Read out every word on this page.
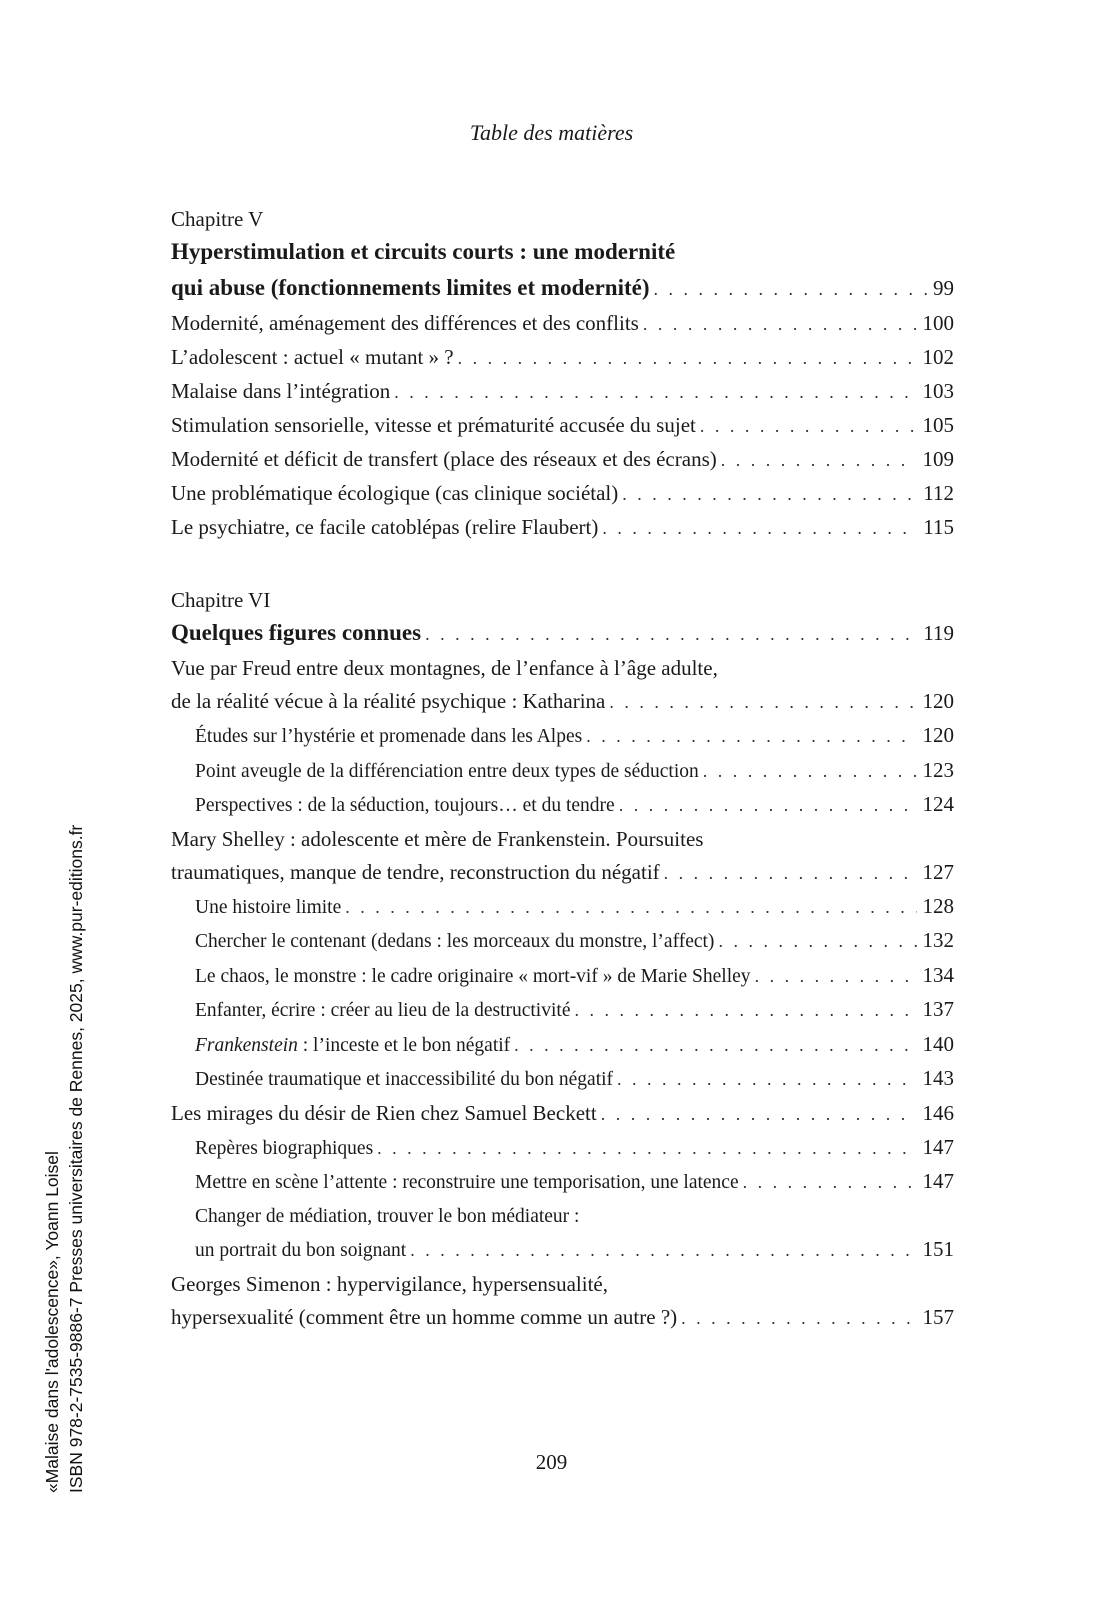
Table des matières
Chapitre V
Hyperstimulation et circuits courts : une modernité
qui abuse (fonctionnements limites et modernité) . . .	99
Modernité, aménagement des différences et des conflits . . .	100
L’adolescent : actuel « mutant » ? . . .	102
Malaise dans l’intégration . . .	103
Stimulation sensorielle, vitesse et prématurité accusée du sujet . . .	105
Modernité et déficit de transfert (place des réseaux et des écrans) . . .	109
Une problématique écologique (cas clinique sociétal) . . .	112
Le psychiatre, ce facile catoblépas (relire Flaubert) . . .	115
Chapitre VI
Quelques figures connues . . .	119
Vue par Freud entre deux montagnes, de l’enfance à l’âge adulte,
de la réalité vécue à la réalité psychique : Katharina . . .	120
Études sur l’hystérie et promenade dans les Alpes . . .	120
Point aveugle de la différenciation entre deux types de séduction . . .	123
Perspectives : de la séduction, toujours… et du tendre . . .	124
Mary Shelley : adolescente et mère de Frankenstein. Poursuites
traumatiques, manque de tendre, reconstruction du négatif . . .	127
Une histoire limite . . .	128
Chercher le contenant (dedans : les morceaux du monstre, l’affect) . . .	132
Le chaos, le monstre : le cadre originaire « mort-vif » de Marie Shelley . . .	134
Enfanter, écrire : créer au lieu de la destructivité . . .	137
Frankenstein : l’inceste et le bon négatif . . .	140
Destinée traumatique et inaccessibilité du bon négatif . . .	143
Les mirages du désir de Rien chez Samuel Beckett . . .	146
Repères biographiques . . .	147
Mettre en scène l’attente : reconstruire une temporisation, une latence . . .	147
Changer de médiation, trouver le bon médiateur :
un portrait du bon soignant . . .	151
Georges Simenon : hypervigilance, hypersensualité,
hypersexualité (comment être un homme comme un autre ?) . . .	157
«Malaise dans l'adolescence», Yoann Loisel ISBN 978-2-7535-9886-7 Presses universitaires de Rennes, 2025, www.pur-editions.fr	209
